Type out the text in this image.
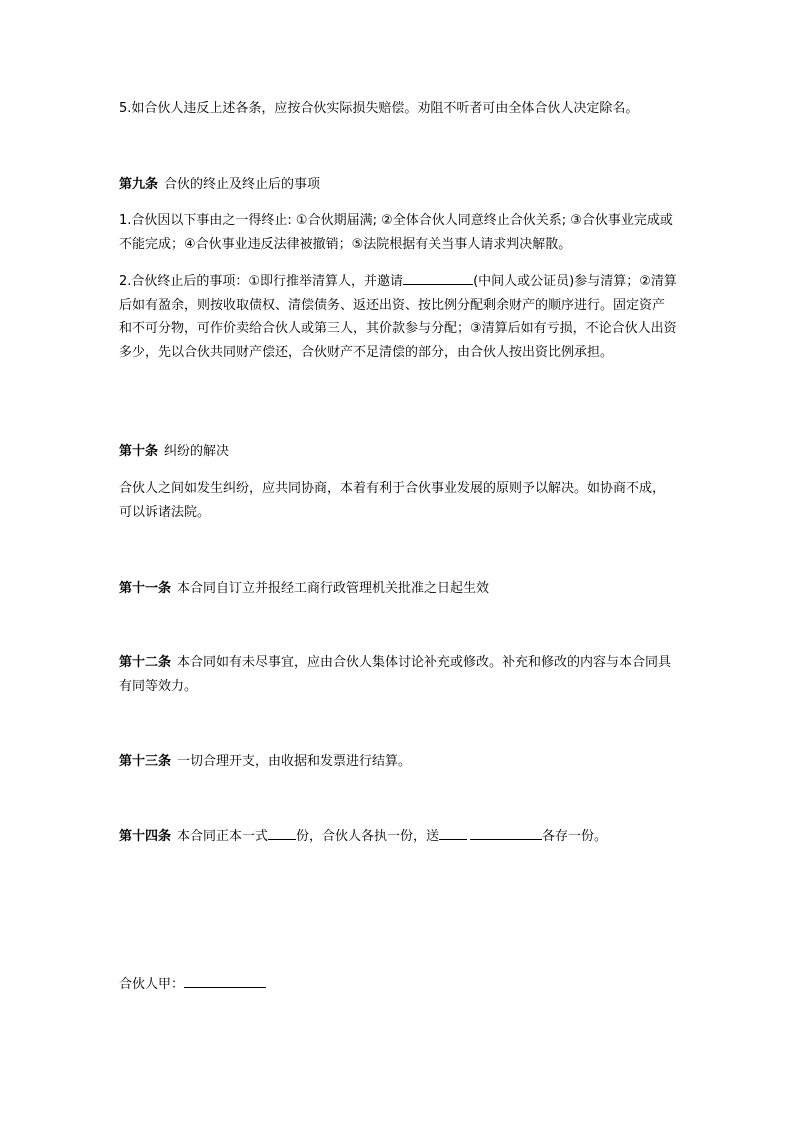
5.如合伙人违反上述各条，应按合伙实际损失赔偿。劝阻不听者可由全体合伙人决定除名。
第九条 合伙的终止及终止后的事项
1.合伙因以下事由之一得终止: ①合伙期届满; ②全体合伙人同意终止合伙关系; ③合伙事业完成或不能完成；④合伙事业违反法律被撤销；⑤法院根据有关当事人请求判决解散。
2.合伙终止后的事项：①即行推举清算人，并邀请	(中间人或公证员)参与清算；②清算后如有盈余，则按收取债权、清偿债务、返还出资、按比例分配剩余财产的顺序进行。固定资产和不可分物，可作价卖给合伙人或第三人，其价款参与分配；③清算后如有亏损，不论合伙人出资多少，先以合伙共同财产偿还，合伙财产不足清偿的部分，由合伙人按出资比例承担。
第十条 纠纷的解决
合伙人之间如发生纠纷，应共同协商，本着有利于合伙事业发展的原则予以解决。如协商不成，可以诉诸法院。
第十一条 本合同自订立并报经工商行政管理机关批准之日起生效
第十二条 本合同如有未尽事宜，应由合伙人集体讨论补充或修改。补充和修改的内容与本合同具有同等效力。
第十三条 一切合理开支，由收据和发票进行结算。
第十四条 本合同正本一式 份，合伙人各执一份，送	各存一份。
合伙人甲：
